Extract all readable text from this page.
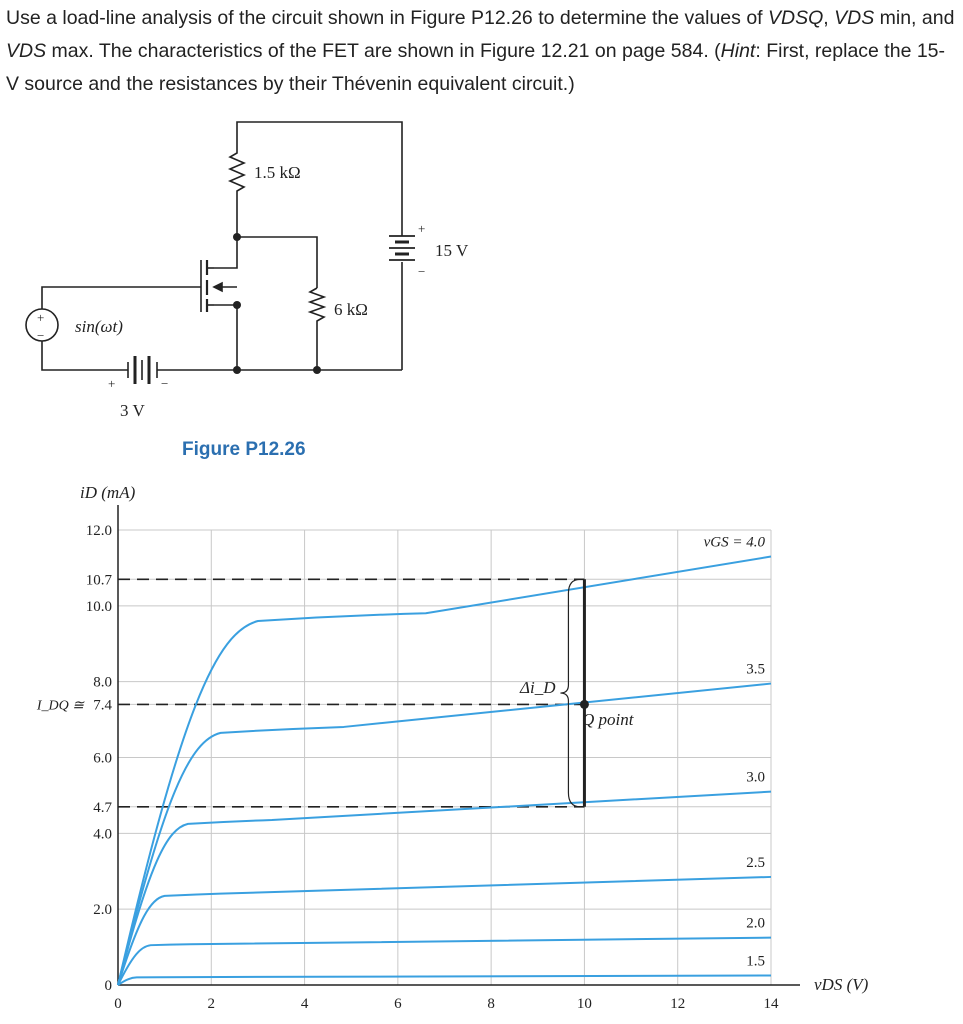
Use a load-line analysis of the circuit shown in Figure P12.26 to determine the values of VDSQ, VDS min, and VDS max. The characteristics of the FET are shown in Figure 12.21 on page 584. (Hint: First, replace the 15-V source and the resistances by their Thévenin equivalent circuit.)

1.5 kΩ
6 kΩ
15 V
sin(ωt)
3 V
+
−
+
−
+	−
Figure P12.26
iD (mA)
vDS (V)
Q point
Δi_D
0	2	4	6	8	10	12	14
0
2.0
4.0
4.7
6.0
7.4
8.0
10.0
10.7
12.0
I_DQ ≅
vGS = 4.0
3.5
3.0
2.5
2.0
1.5
